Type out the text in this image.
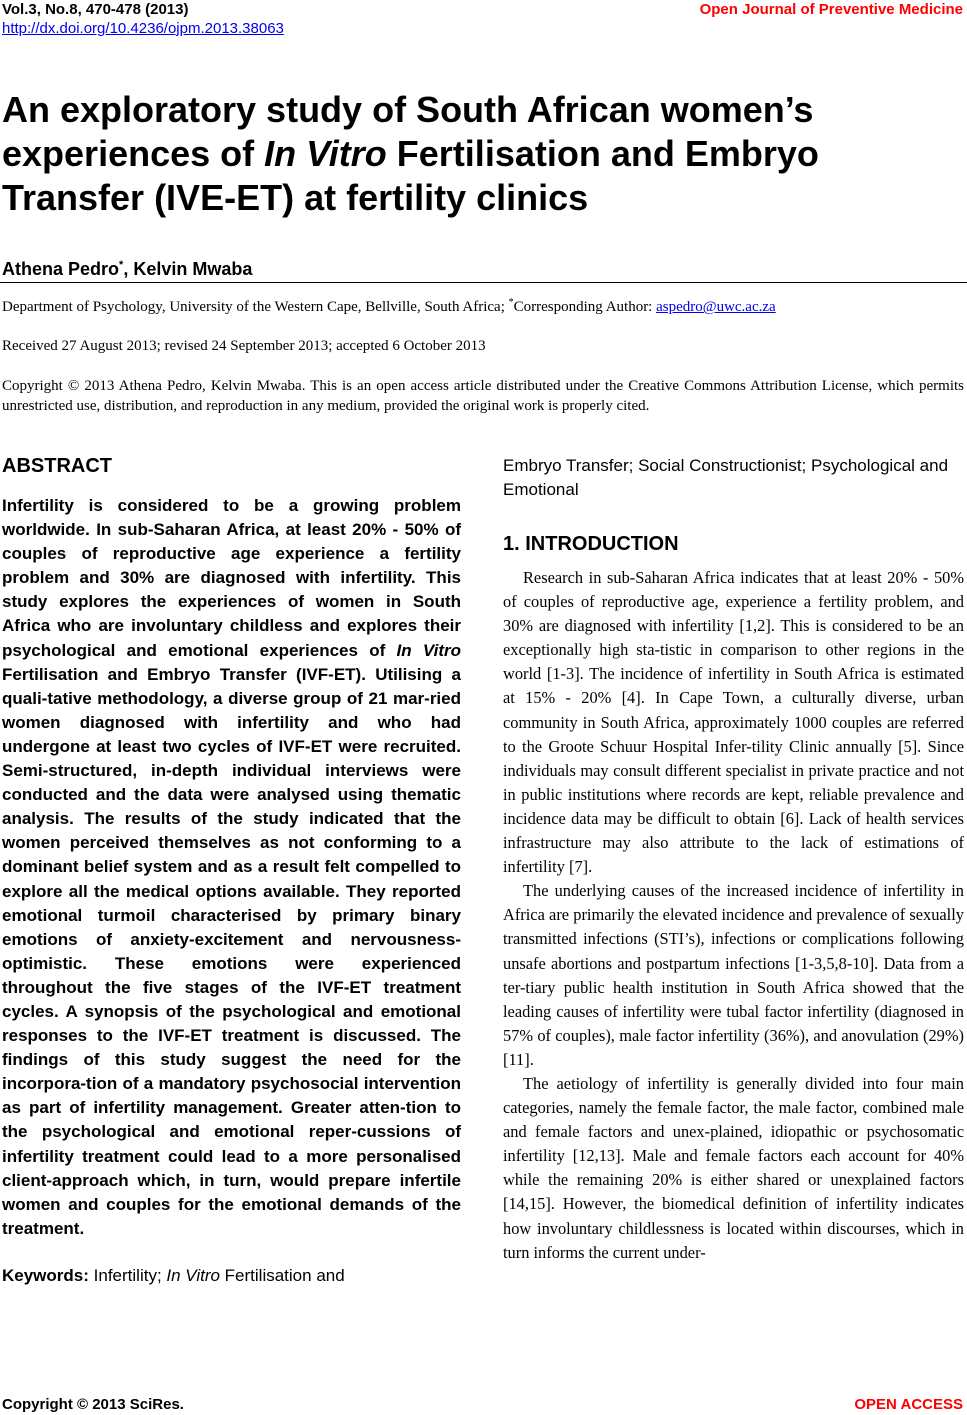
Vol.3, No.8, 470-478 (2013)
http://dx.doi.org/10.4236/ojpm.2013.38063
Open Journal of Preventive Medicine
An exploratory study of South African women’s
experiences of In Vitro Fertilisation and Embryo
Transfer (IVE-ET) at fertility clinics
Athena Pedro*, Kelvin Mwaba
Department of Psychology, University of the Western Cape, Bellville, South Africa; *Corresponding Author: aspedro@uwc.ac.za
Received 27 August 2013; revised 24 September 2013; accepted 6 October 2013
Copyright © 2013 Athena Pedro, Kelvin Mwaba. This is an open access article distributed under the Creative Commons Attribution License, which permits unrestricted use, distribution, and reproduction in any medium, provided the original work is properly cited.
ABSTRACT

Infertility is considered to be a growing problem worldwide. In sub-Saharan Africa, at least 20% - 50% of couples of reproductive age experience a fertility problem and 30% are diagnosed with infertility. This study explores the experiences of women in South Africa who are involuntary childless and explores their psychological and emotional experiences of In Vitro Fertilisation and Embryo Transfer (IVF-ET). Utilising a quali-tative methodology, a diverse group of 21 mar-ried women diagnosed with infertility and who had undergone at least two cycles of IVF-ET were recruited. Semi-structured, in-depth individual interviews were conducted and the data were analysed using thematic analysis. The results of the study indicated that the women perceived themselves as not conforming to a dominant belief system and as a result felt compelled to explore all the medical options available. They reported emotional turmoil characterised by primary binary emotions of anxiety-excitement and nervousness-optimistic. These emotions were experienced throughout the five stages of the IVF-ET treatment cycles. A synopsis of the psychological and emotional responses to the IVF-ET treatment is discussed. The findings of this study suggest the need for the incorpora-tion of a mandatory psychosocial intervention as part of infertility management. Greater atten-tion to the psychological and emotional reper-cussions of infertility treatment could lead to a more personalised client-approach which, in turn, would prepare infertile women and couples for the emotional demands of the treatment.

Keywords: Infertility; In Vitro Fertilisation and

Embryo Transfer; Social Constructionist; Psychological and Emotional

1. INTRODUCTION

Research in sub-Saharan Africa indicates that at least 20% - 50% of couples of reproductive age, experience a fertility problem, and 30% are diagnosed with infertility [1,2]. This is considered to be an exceptionally high sta-tistic in comparison to other regions in the world [1-3]. The incidence of infertility in South Africa is estimated at 15% - 20% [4]. In Cape Town, a culturally diverse, urban community in South Africa, approximately 1000 couples are referred to the Groote Schuur Hospital Infer-tility Clinic annually [5]. Since individuals may consult different specialist in private practice and not in public institutions where records are kept, reliable prevalence and incidence data may be difficult to obtain [6]. Lack of health services infrastructure may also attribute to the lack of estimations of infertility [7].

The underlying causes of the increased incidence of infertility in Africa are primarily the elevated incidence and prevalence of sexually transmitted infections (STI’s), infections or complications following unsafe abortions and postpartum infections [1-3,5,8-10]. Data from a ter-tiary public health institution in South Africa showed that the leading causes of infertility were tubal factor infertility (diagnosed in 57% of couples), male factor infertility (36%), and anovulation (29%) [11].

The aetiology of infertility is generally divided into four main categories, namely the female factor, the male factor, combined male and female factors and unex-plained, idiopathic or psychosomatic infertility [12,13]. Male and female factors each account for 40% while the remaining 20% is either shared or unexplained factors [14,15]. However, the biomedical definition of infertility indicates how involuntary childlessness is located within discourses, which in turn informs the current under-

Copyright © 2013 SciRes.	OPEN ACCESS
